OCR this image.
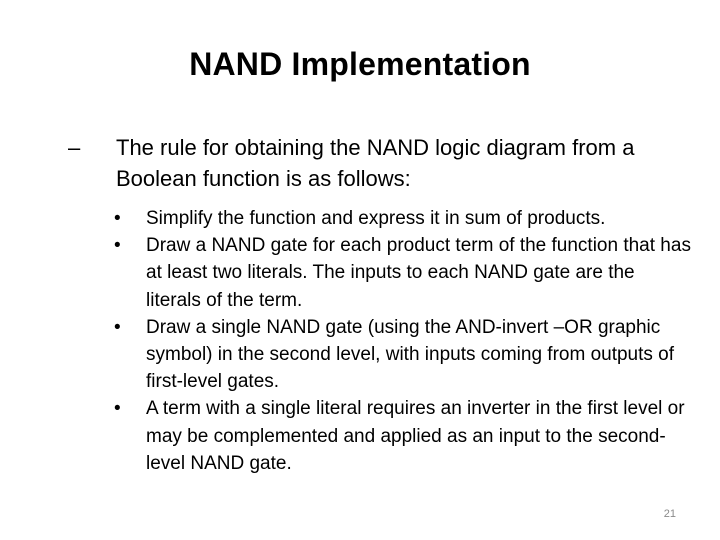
NAND Implementation
– The rule for obtaining the NAND logic diagram from a Boolean function is as follows:
• Simplify the function and express it in sum of products.
• Draw a NAND gate for each product term of the function that has at least two literals. The inputs to each NAND gate are the literals of the term.
• Draw a single NAND gate (using the AND-invert –OR graphic symbol) in the second level, with inputs coming from outputs of first-level gates.
• A term with a single literal requires an inverter in the first level or may be complemented and applied as an input to the second-level NAND gate.
21
